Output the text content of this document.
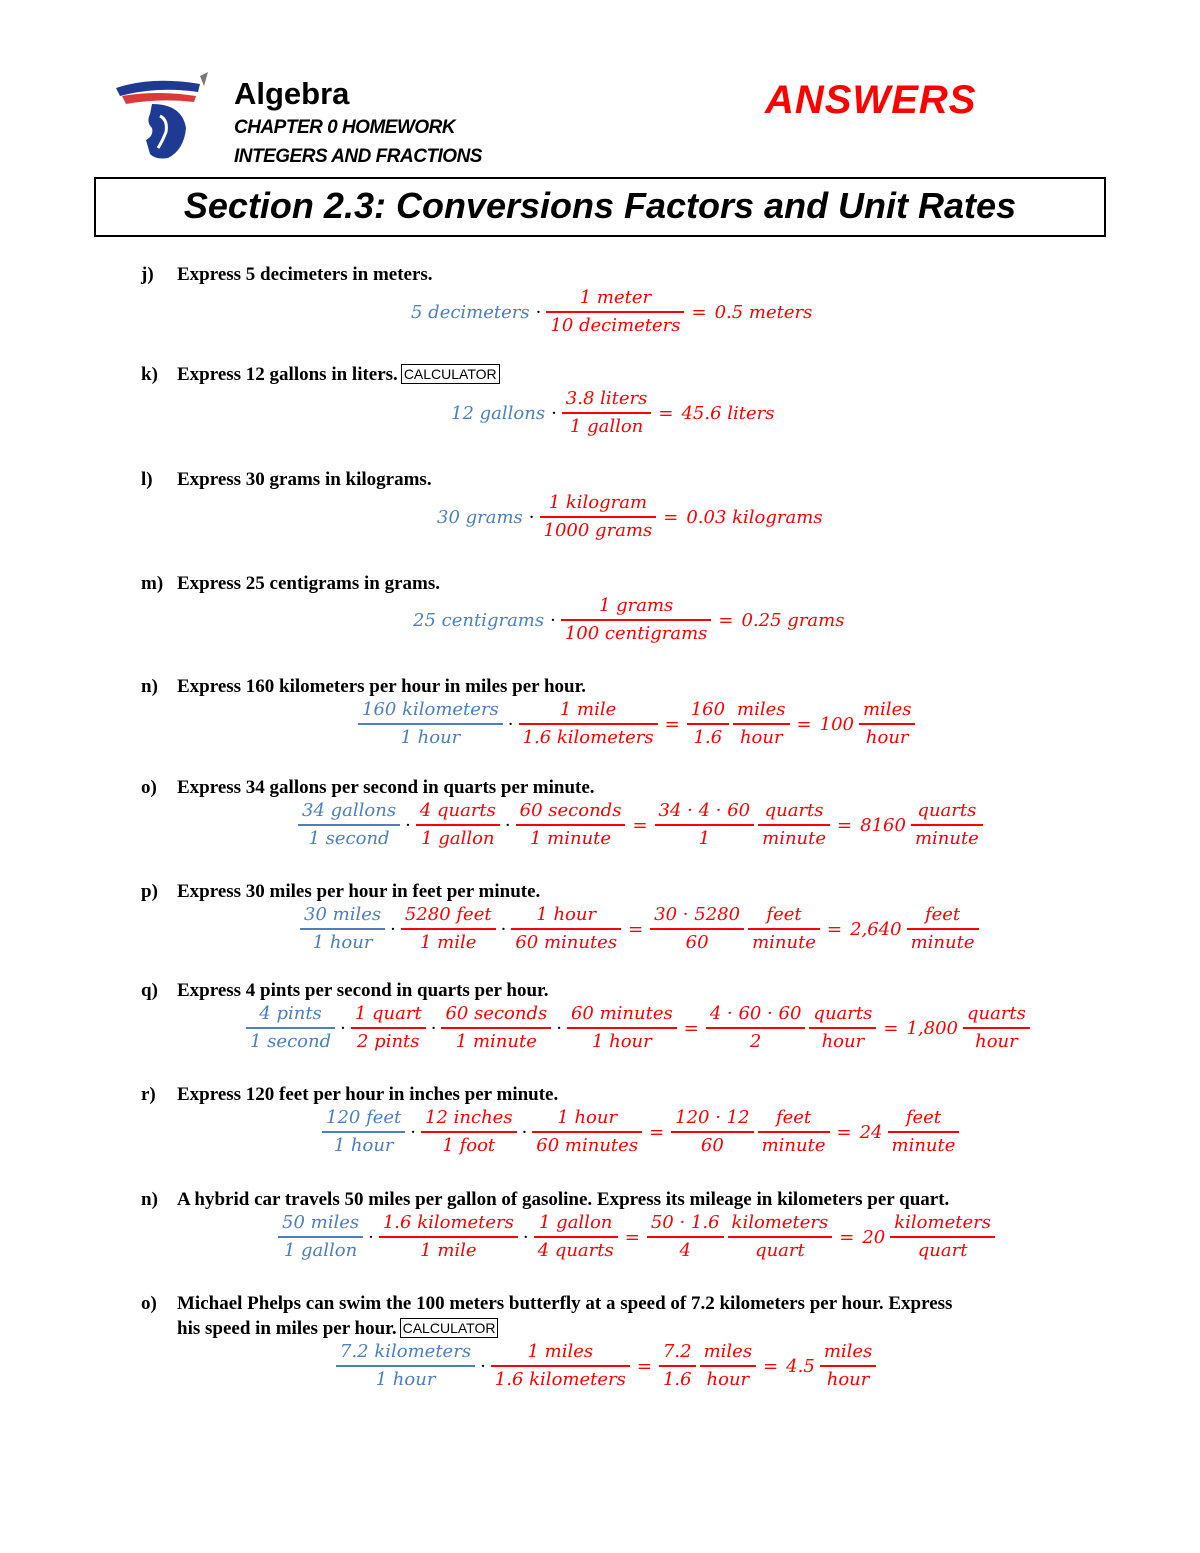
Algebra
CHAPTER 0 HOMEWORK
INTEGERS AND FRACTIONS
ANSWERS
Section 2.3: Conversions Factors and Unit Rates
j) Express 5 decimeters in meters.
5 decimeters · $\frac{\text{1 meter}}{\text{10 decimeters}} = 0.5$ meters
k) Express 12 gallons in liters. CALCULATOR
12 gallons · $\frac{\text{3.8 liters}}{\text{1 gallon}} = 45.6$ liters
l) Express 30 grams in kilograms.
30 grams · $\frac{\text{1 kilogram}}{\text{1000 grams}} = 0.03$ kilograms
m) Express 25 centigrams in grams.
25 centigrams · $\frac{\text{1 grams}}{\text{100 centigrams}} = 0.25$ grams
n) Express 160 kilometers per hour in miles per hour.
$\frac{\text{160 kilometers}}{\text{1 hour}} \cdot \frac{\text{1 mile}}{\text{1.6 kilometers}} = \frac{160}{1.6} \frac{\text{miles}}{\text{hour}} = 100 \frac{\text{miles}}{\text{hour}}$
o) Express 34 gallons per second in quarts per minute.
$\frac{\text{34 gallons}}{\text{1 second}} \cdot \frac{\text{4 quarts}}{\text{1 gallon}} \cdot \frac{\text{60 seconds}}{\text{1 minute}} = \frac{34 \cdot 4 \cdot 60}{1} \frac{\text{quarts}}{\text{minute}} = 8160 \frac{\text{quarts}}{\text{minute}}$
p) Express 30 miles per hour in feet per minute.
$\frac{\text{30 miles}}{\text{1 hour}} \cdot \frac{\text{5280 feet}}{\text{1 mile}} \cdot \frac{\text{1 hour}}{\text{60 minutes}} = \frac{30 \cdot 5280}{60} \frac{\text{feet}}{\text{minute}} = 2,640 \frac{\text{feet}}{\text{minute}}$
q) Express 4 pints per second in quarts per hour.
$\frac{\text{4 pints}}{\text{1 second}} \cdot \frac{\text{1 quart}}{\text{2 pints}} \cdot \frac{\text{60 seconds}}{\text{1 minute}} \cdot \frac{\text{60 minutes}}{\text{1 hour}} = \frac{4 \cdot 60 \cdot 60}{2} \frac{\text{quarts}}{\text{hour}} = 1,800 \frac{\text{quarts}}{\text{hour}}$
r) Express 120 feet per hour in inches per minute.
$\frac{\text{120 feet}}{\text{1 hour}} \cdot \frac{\text{12 inches}}{\text{1 foot}} \cdot \frac{\text{1 hour}}{\text{60 minutes}} = \frac{120 \cdot 12}{60} \frac{\text{feet}}{\text{minute}} = 24 \frac{\text{feet}}{\text{minute}}$
n) A hybrid car travels 50 miles per gallon of gasoline. Express its mileage in kilometers per quart.
$\frac{\text{50 miles}}{\text{1 gallon}} \cdot \frac{\text{1.6 kilometers}}{\text{1 mile}} \cdot \frac{\text{1 gallon}}{\text{4 quarts}} = \frac{50 \cdot 1.6}{4} \frac{\text{kilometers}}{\text{quart}} = 20 \frac{\text{kilometers}}{\text{quart}}$
o) Michael Phelps can swim the 100 meters butterfly at a speed of 7.2 kilometers per hour. Express
his speed in miles per hour. CALCULATOR
$\frac{\text{7.2 kilometers}}{\text{1 hour}} \cdot \frac{\text{1 miles}}{\text{1.6 kilometers}} = \frac{7.2}{1.6} \frac{\text{miles}}{\text{hour}} = 4.5 \frac{\text{miles}}{\text{hour}}$
